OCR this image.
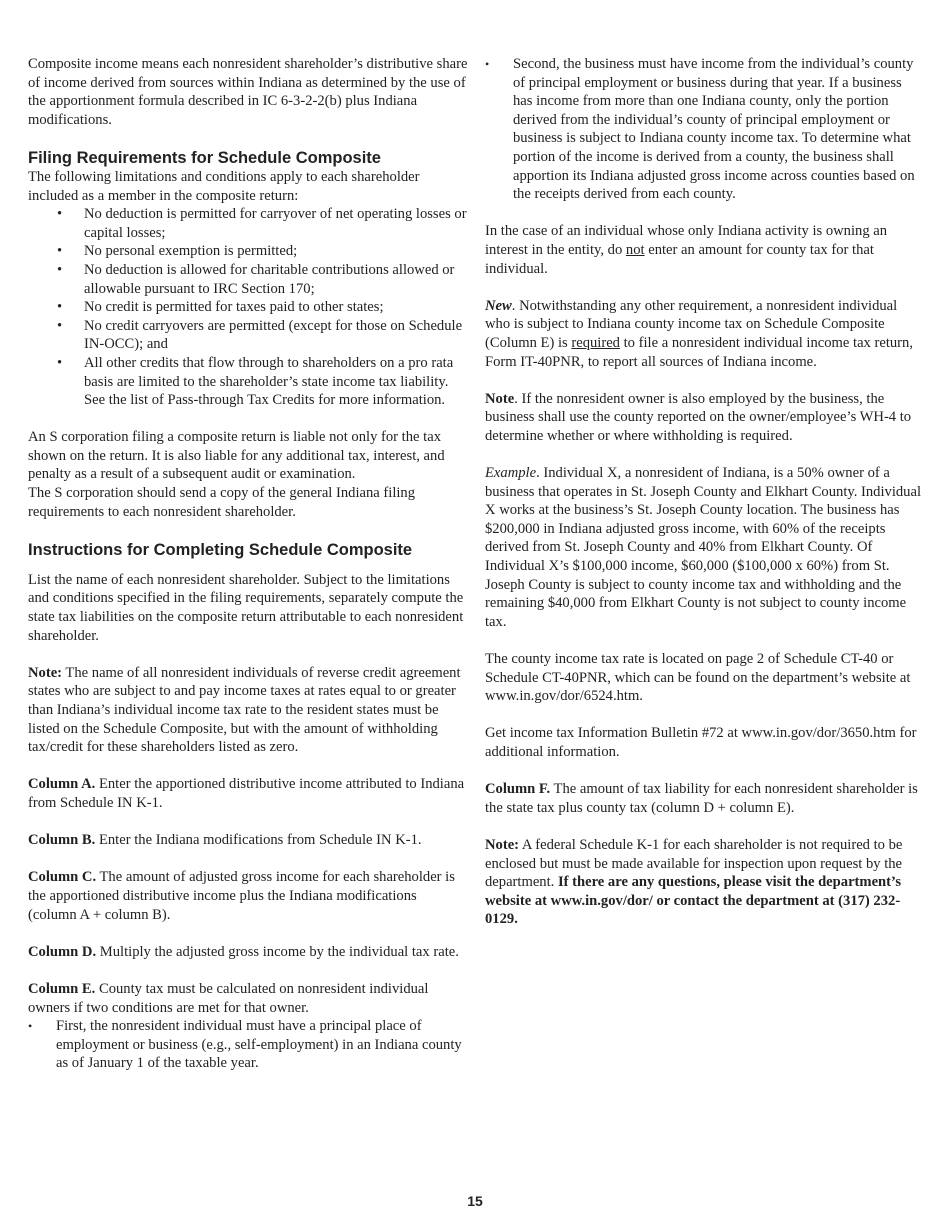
Composite income means each nonresident shareholder’s distributive share of income derived from sources within Indiana as determined by the use of the apportionment formula described in IC 6-3-2-2(b) plus Indiana modifications.

Filing Requirements for Schedule Composite

The following limitations and conditions apply to each shareholder included as a member in the composite return:

• No deduction is permitted for carryover of net operating losses or capital losses;
• No personal exemption is permitted;
• No deduction is allowed for charitable contributions allowed or allowable pursuant to IRC Section 170;
• No credit is permitted for taxes paid to other states;
• No credit carryovers are permitted (except for those on Schedule IN-OCC); and
• All other credits that flow through to shareholders on a pro rata basis are limited to the shareholder’s state income tax liability. See the list of Pass-through Tax Credits for more information.

An S corporation filing a composite return is liable not only for the tax shown on the return. It is also liable for any additional tax, interest, and penalty as a result of a subsequent audit or examination.

The S corporation should send a copy of the general Indiana filing requirements to each nonresident shareholder.

Instructions for Completing Schedule Composite

List the name of each nonresident shareholder. Subject to the limitations and conditions specified in the filing requirements, separately compute the state tax liabilities on the composite return attributable to each nonresident shareholder.

Note: The name of all nonresident individuals of reverse credit agreement states who are subject to and pay income taxes at rates equal to or greater than Indiana’s individual income tax rate to the resident states must be listed on the Schedule Composite, but with the amount of withholding tax/credit for these shareholders listed as zero.

Column A. Enter the apportioned distributive income attributed to Indiana from Schedule IN K-1.

Column B. Enter the Indiana modifications from Schedule IN K-1.

Column C. The amount of adjusted gross income for each shareholder is the apportioned distributive income plus the Indiana modifications (column A + column B).

Column D. Multiply the adjusted gross income by the individual tax rate.

Column E. County tax must be calculated on nonresident individual owners if two conditions are met for that owner.

• First, the nonresident individual must have a principal place of employment or business (e.g., self-employment) in an Indiana county as of January 1 of the taxable year.
• Second, the business must have income from the individual’s county of principal employment or business during that year. If a business has income from more than one Indiana county, only the portion derived from the individual’s county of principal employment or business is subject to Indiana county income tax. To determine what portion of the income is derived from a county, the business shall apportion its Indiana adjusted gross income across counties based on the receipts derived from each county.

In the case of an individual whose only Indiana activity is owning an interest in the entity, do not enter an amount for county tax for that individual.

New. Notwithstanding any other requirement, a nonresident individual who is subject to Indiana county income tax on Schedule Composite (Column E) is required to file a nonresident individual income tax return, Form IT-40PNR, to report all sources of Indiana income.

Note. If the nonresident owner is also employed by the business, the business shall use the county reported on the owner/employee’s WH-4 to determine whether or where withholding is required.

Example. Individual X, a nonresident of Indiana, is a 50% owner of a business that operates in St. Joseph County and Elkhart County. Individual X works at the business’s St. Joseph County location. The business has $200,000 in Indiana adjusted gross income, with 60% of the receipts derived from St. Joseph County and 40% from Elkhart County. Of Individual X’s $100,000 income, $60,000 ($100,000 x 60%) from St. Joseph County is subject to county income tax and withholding and the remaining $40,000 from Elkhart County is not subject to county income tax.

The county income tax rate is located on page 2 of Schedule CT-40 or Schedule CT-40PNR, which can be found on the department’s website at www.in.gov/dor/6524.htm.

Get income tax Information Bulletin #72 at www.in.gov/dor/3650.htm for additional information.

Column F. The amount of tax liability for each nonresident shareholder is the state tax plus county tax (column D + column E).

Note: A federal Schedule K-1 for each shareholder is not required to be enclosed but must be made available for inspection upon request by the department. If there are any questions, please visit the department’s website at www.in.gov/dor/ or contact the department at (317) 232-0129.

15
